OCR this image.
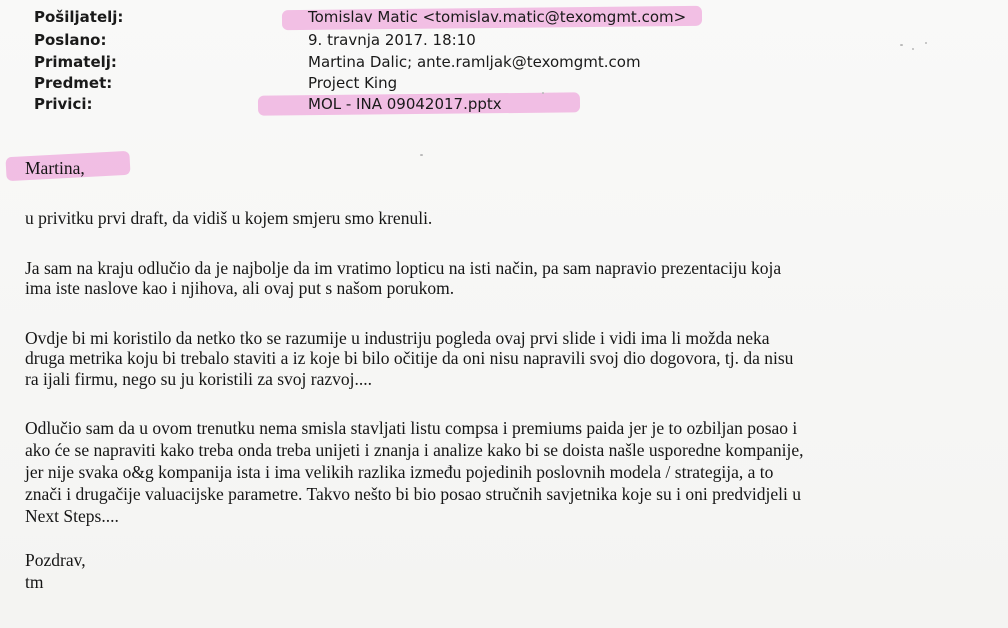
Pošiljatelj:	Tomislav Matic <tomislav.matic@texomgmt.com>
Poslano:	9. travnja 2017. 18:10
Primatelj:	Martina Dalic; ante.ramljak@texomgmt.com
Predmet:	Project King
Privici:	MOL - INA 09042017.pptx
Martina,
u privitku prvi draft, da vidiš u kojem smjeru smo krenuli.
Ja sam na kraju odlučio da je najbolje da im vratimo lopticu na isti način, pa sam napravio prezentaciju koja
ima iste naslove kao i njihova, ali ovaj put s našom porukom.
Ovdje bi mi koristilo da netko tko se razumije u industriju pogleda ovaj prvi slide i vidi ima li možda neka
druga metrika koju bi trebalo staviti a iz koje bi bilo očitije da oni nisu napravili svoj dio dogovora, tj. da nisu
ra ijali firmu, nego su ju koristili za svoj razvoj....
Odlučio sam da u ovom trenutku nema smisla stavljati listu compsa i premiums paida jer je to ozbiljan posao i
ako će se napraviti kako treba onda treba unijeti i znanja i analize kako bi se doista našle usporedne kompanije,
jer nije svaka o&g kompanija ista i ima velikih razlika između pojedinih poslovnih modela / strategija, a to
znači i drugačije valuacijske parametre. Takvo nešto bi bio posao stručnih savjetnika koje su i oni predvidjeli u
Next Steps....
Pozdrav,
tm
